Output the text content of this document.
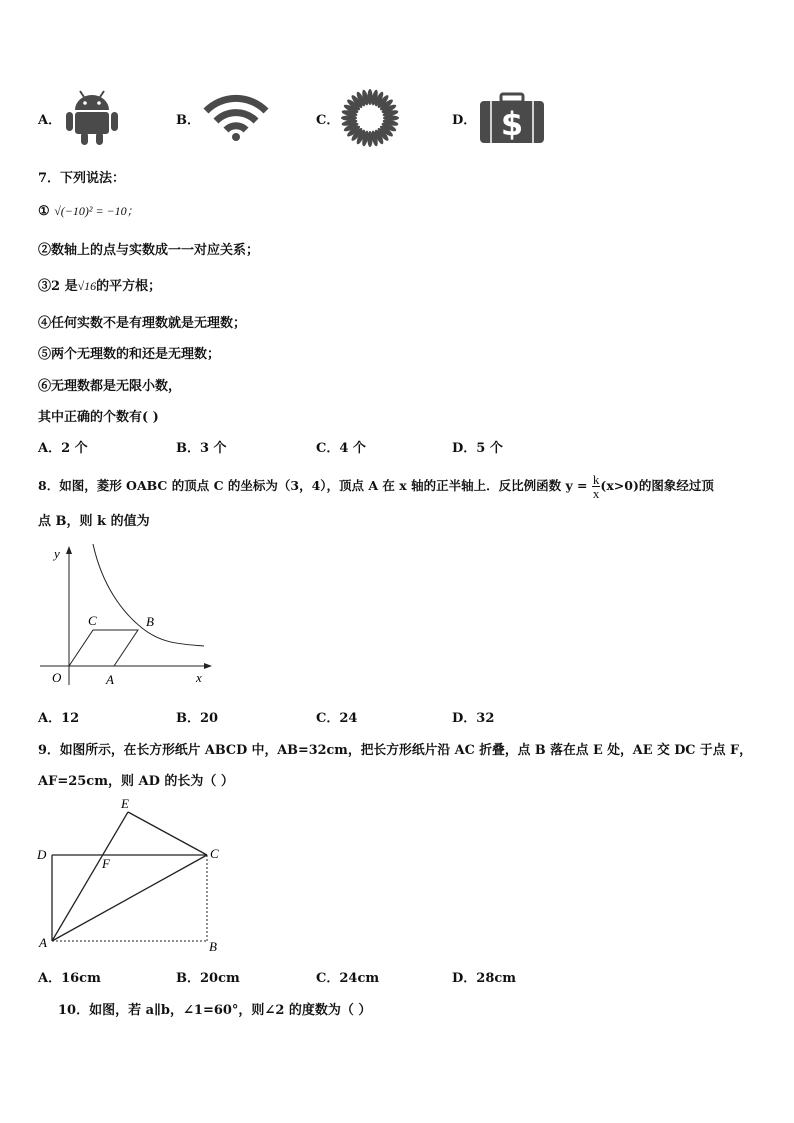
A．	B．	C．	D． $
7．下列说法：
① √(−10)² = −10；
②数轴上的点与实数成一一对应关系；
③2 是√16的平方根；
④任何实数不是有理数就是无理数；
⑤两个无理数的和还是无理数；
⑥无理数都是无限小数，
其中正确的个数有( )
A．2 个	B．3 个	C．4 个	D．5 个
8．如图，菱形 OABC 的顶点 C 的坐标为（3，4），顶点 A 在 x 轴的正半轴上．反比例函数 $y = \frac{k}{x} (x>0)$的图象经过顶
点 B，则 k 的值为
y
x
O	A
B
C
A．12	B．20	C．24	D．32
9．如图所示，在长方形纸片 ABCD 中，AB=32cm，把长方形纸片沿 AC 折叠，点 B 落在点 E 处，AE 交 DC 于点 F，
AF=25cm，则 AD 的长为（ ）
E
D	C
F
A	B
A．16cm	B．20cm	C．24cm	D．28cm
10．如图，若 a∥b，∠1=60°，则∠2 的度数为（ ）
